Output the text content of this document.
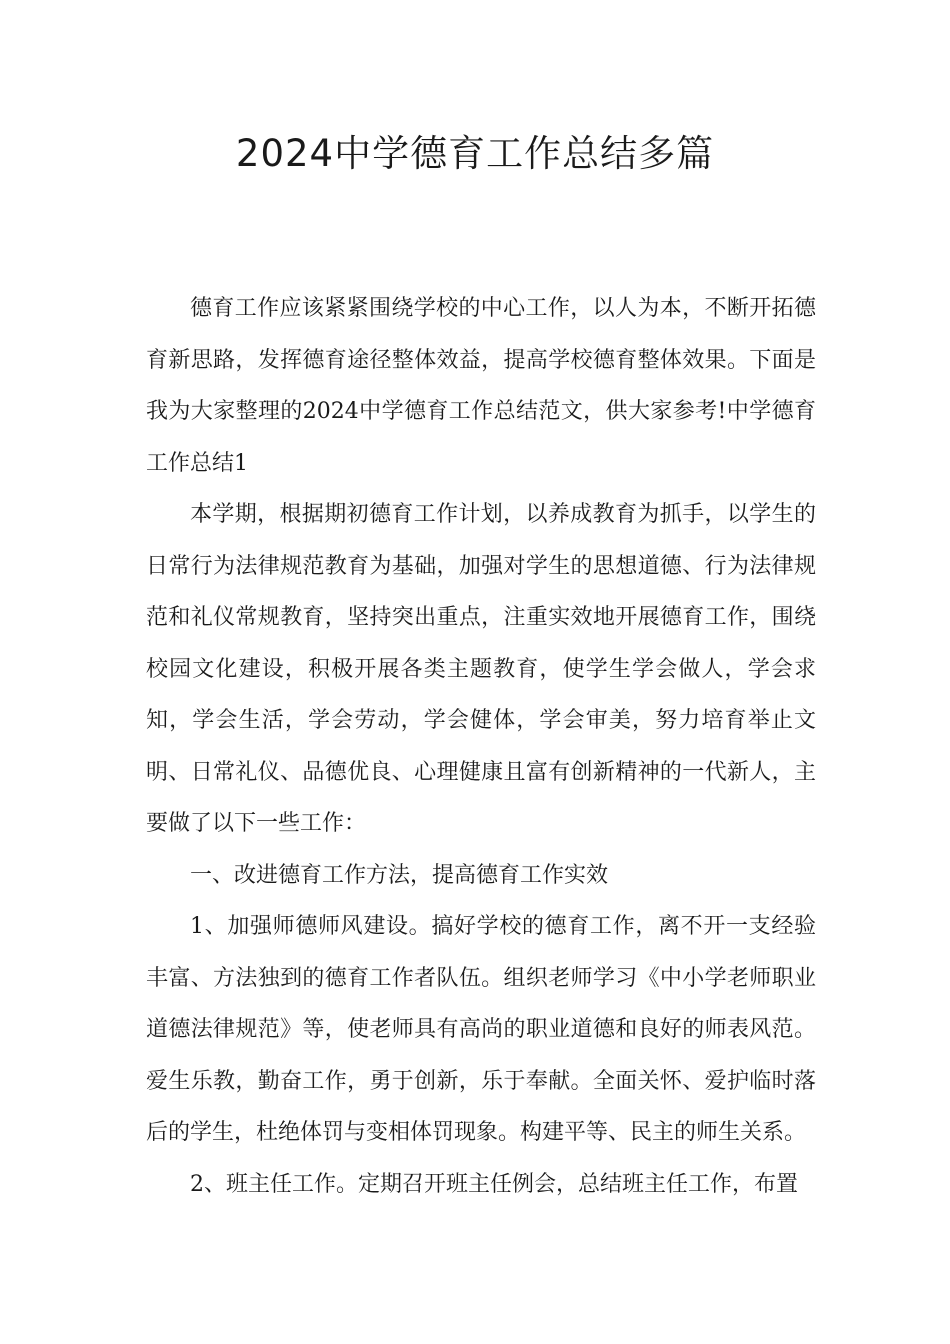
2024中学德育工作总结多篇

德育工作应该紧紧围绕学校的中心工作，以人为本，不断开拓德育新思路，发挥德育途径整体效益，提高学校德育整体效果。下面是我为大家整理的2024中学德育工作总结范文，供大家参考!中学德育工作总结1

本学期，根据期初德育工作计划，以养成教育为抓手，以学生的日常行为法律规范教育为基础，加强对学生的思想道德、行为法律规范和礼仪常规教育，坚持突出重点，注重实效地开展德育工作，围绕校园文化建设，积极开展各类主题教育，使学生学会做人，学会求知，学会生活，学会劳动，学会健体，学会审美，努力培育举止文明、日常礼仪、品德优良、心理健康且富有创新精神的一代新人，主要做了以下一些工作：

一、改进德育工作方法，提高德育工作实效

1、加强师德师风建设。搞好学校的德育工作，离不开一支经验丰富、方法独到的德育工作者队伍。组织老师学习《中小学老师职业道德法律规范》等，使老师具有高尚的职业道德和良好的师表风范。爱生乐教，勤奋工作，勇于创新，乐于奉献。全面关怀、爱护临时落后的学生，杜绝体罚与变相体罚现象。构建平等、民主的师生关系。

2、班主任工作。定期召开班主任例会，总结班主任工作，布置
